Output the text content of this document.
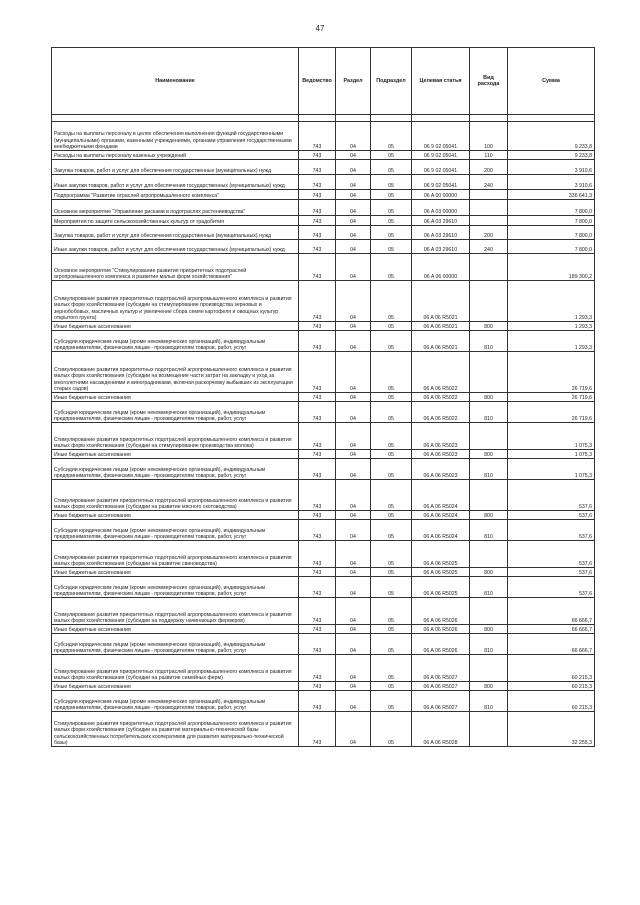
47
Наименование	Ведомство	Раздел	Подраздел	Целевая статья	Вид расхода	Сумма

Расходы на выплаты персоналу в целях обеспечения выполнения функций государственными (муниципальными) органами, казенными учреждениями, органами управления государственными внебюджетными фондами	743	04	05	06 9 02 05041	100	9 233,8
Расходы на выплаты персоналу казенных учреждений	743	04	05	06 9 02 05041	110	9 233,8
Закупка товаров, работ и услуг для обеспечения государственных (муниципальных) нужд	743	04	05	06 9 02 05041	200	3 910,6
Иные закупки товаров, работ и услуг для обеспечения государственных (муниципальных) нужд	743	04	05	06 9 02 05041	240	3 910,6
Подпрограмма "Развитие отраслей агропромышленного комплекса"	743	04	05	06 A 00 00000		336 641,3
Основное мероприятие "Управление рисками в подотраслях растениеводства"	743	04	05	06 A 03 00000		7 800,0
Мероприятия по защите сельскохозяйственных культур от градобития	743	04	05	06 A 03 29610		7 800,0
Закупка товаров, работ и услуг для обеспечения государственных (муниципальных) нужд	743	04	05	06 A 03 29610	200	7 800,0
Иные закупки товаров, работ и услуг для обеспечения государственных (муниципальных) нужд	743	04	05	06 A 03 29610	240	7 800,0
Основное мероприятие "Стимулирование развития приоритетных подотраслей агропромышленного комплекса и развитие малых форм хозяйствования"	743	04	05	06 A 06 00000		189 300,2
Стимулирование развития приоритетных подотраслей агропромышленного комплекса и развития малых форм хозяйствования (субсидии на стимулирование производства зерновых и зернобобовых, масличных культур и увеличение сбора семян картофеля и овощных культур открытого грунта)	743	04	05	06 A 06 R5021		1 293,3
Иные бюджетные ассигнования	743	04	05	06 A 06 R5021	800	1 293,3
Субсидии юридическим лицам (кроме некоммерческих организаций), индивидуальным предпринимателям, физическим лицам - производителям товаров, работ, услуг	743	04	05	06 A 06 R5021	810	1 293,3
Стимулирование развития приоритетных подотраслей агропромышленного комплекса и развития малых форм хозяйствования (субсидии на возмещение части затрат на закладку и уход за многолетними насаждениями и виноградниками, включая раскорчевку выбывших из эксплуатации старых садов)	743	04	05	06 A 06 R5022		26 719,6
Иные бюджетные ассигнования	743	04	05	06 A 06 R5022	800	26 719,6
Субсидии юридическим лицам (кроме некоммерческих организаций), индивидуальным предпринимателям, физическим лицам - производителям товаров, работ, услуг	743	04	05	06 A 06 R5022	810	26 719,6
Стимулирование развития приоритетных подотраслей агропромышленного комплекса и развития малых форм хозяйствования (субсидии на стимулирование производства молока)	743	04	05	06 A 06 R5023		1 075,3
Иные бюджетные ассигнования	743	04	05	06 A 06 R5023	800	1 075,3
Субсидии юридическим лицам (кроме некоммерческих организаций), индивидуальным предпринимателям, физическим лицам - производителям товаров, работ, услуг	743	04	05	06 A 06 R5023	810	1 075,3
Стимулирование развития приоритетных подотраслей агропромышленного комплекса и развития малых форм хозяйствования (субсидии на развитие мясного скотоводства)	743	04	05	06 A 06 R5024		537,6
Иные бюджетные ассигнования	743	04	05	06 A 06 R5024	800	537,6
Субсидии юридическим лицам (кроме некоммерческих организаций), индивидуальным предпринимателям, физическим лицам - производителям товаров, работ, услуг	743	04	05	06 A 06 R5024	810	537,6
Стимулирование развития приоритетных подотраслей агропромышленного комплекса и развития малых форм хозяйствования (субсидии на развитие свиноводства)	743	04	05	06 A 06 R5025		537,6
Иные бюджетные ассигнования	743	04	05	06 A 06 R5025	800	537,6
Субсидии юридическим лицам (кроме некоммерческих организаций), индивидуальным предпринимателям, физическим лицам - производителям товаров, работ, услуг	743	04	05	06 A 06 R5025	810	537,6
Стимулирование развития приоритетных подотраслей агропромышленного комплекса и развития малых форм хозяйствования (субсидии на поддержку начинающих фермеров)	743	04	05	06 A 06 R5026		66 666,7
Иные бюджетные ассигнования	743	04	05	06 A 06 R5026	800	66 666,7
Субсидии юридическим лицам (кроме некоммерческих организаций), индивидуальным предпринимателям, физическим лицам - производителям товаров, работ, услуг	743	04	05	06 A 06 R5026	810	66 666,7
Стимулирование развития приоритетных подотраслей агропромышленного комплекса и развития малых форм хозяйствования (субсидии на развитие семейных ферм)	743	04	05	06 A 06 R5027		60 215,3
Иные бюджетные ассигнования	743	04	05	06 A 06 R5027	800	60 215,3
Субсидии юридическим лицам (кроме некоммерческих организаций), индивидуальным предпринимателям, физическим лицам - производителям товаров, работ, услуг	743	04	05	06 A 06 R5027	810	60 215,3
Стимулирование развития приоритетных подотраслей агропромышленного комплекса и развития малых форм хозяйствования (субсидии на развитие материально-технической базы сельскохозяйственных потребительских кооперативов для развития материально-технической базы)	743	04	05	06 A 06 R5028		32 255,3
